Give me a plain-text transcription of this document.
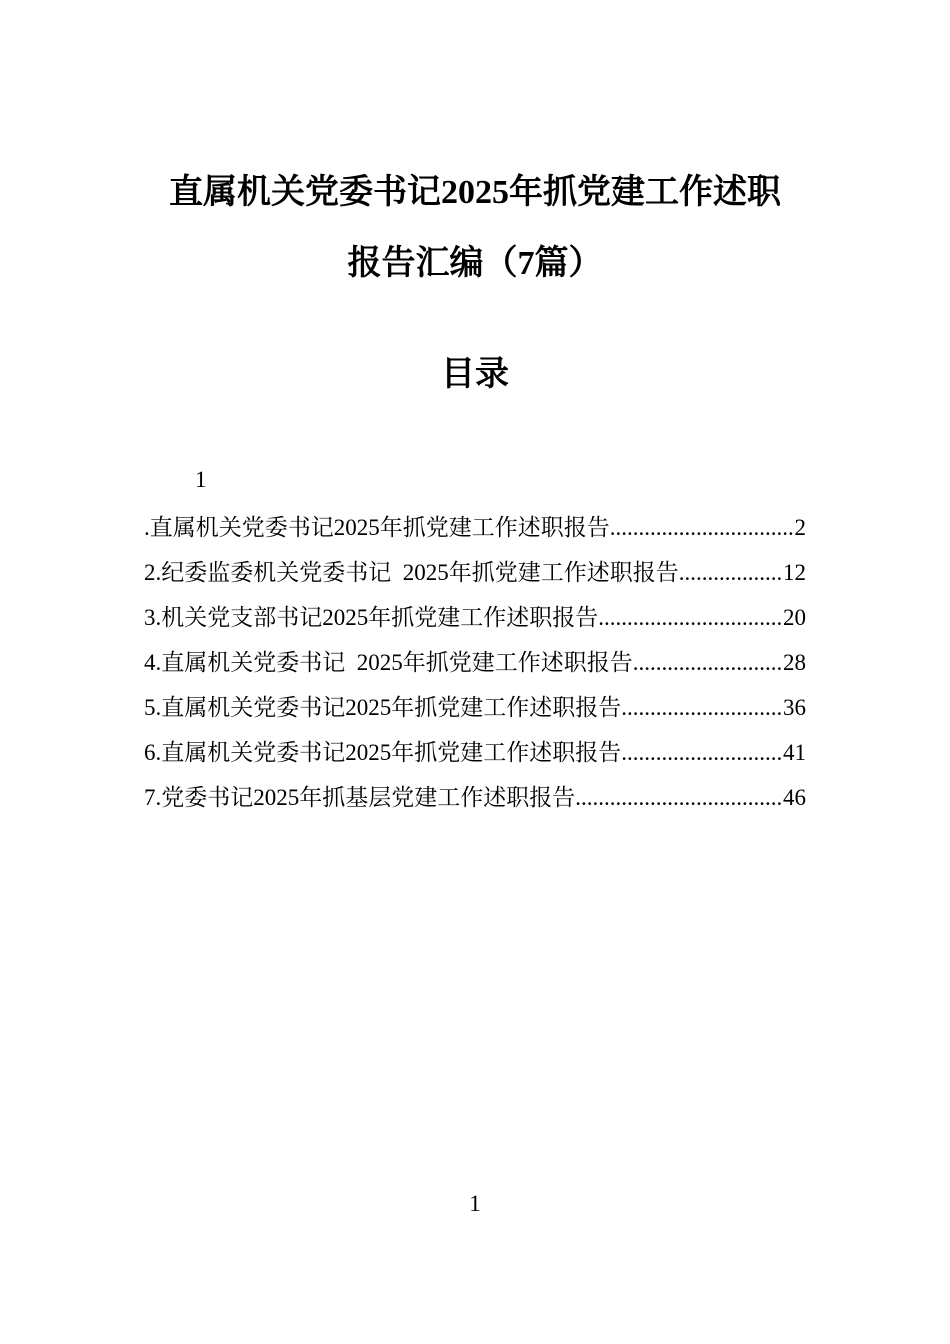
直属机关党委书记2025年抓党建工作述职
报告汇编（7篇）
目录
1
.直属机关党委书记2025年抓党建工作述职报告 .....	2
2.纪委监委机关党委书记  2025年抓党建工作述职报告 .....	12
3.机关党支部书记2025年抓党建工作述职报告 .....	20
4.直属机关党委书记  2025年抓党建工作述职报告 .....	28
5.直属机关党委书记2025年抓党建工作述职报告 .....	36
6.直属机关党委书记2025年抓党建工作述职报告 .....	41
7.党委书记2025年抓基层党建工作述职报告 .....	46
1
